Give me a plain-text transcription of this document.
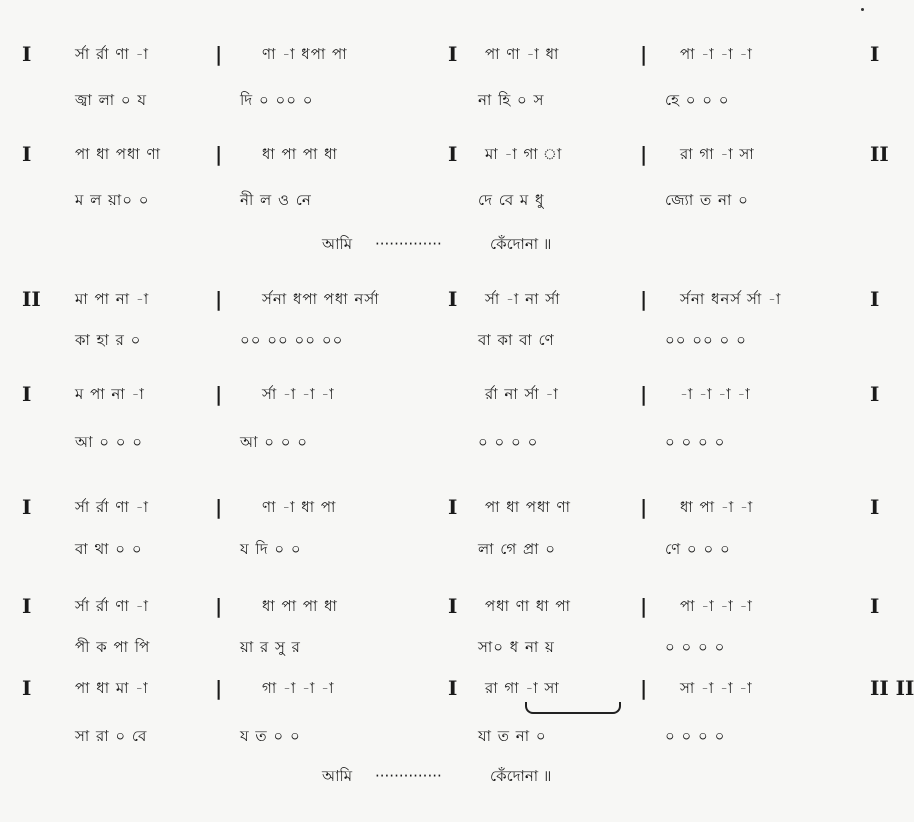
I	র্সা র্রা ণা -া	|	ণা -া ধপা পা	I পা ণা -া ধা	| পা -া -া -া	I
জ্বা লা ০ য	দি ০ ০০ ০	না হি ০ স	হে ০ ০ ০
I	পা ধা পধা ণা	|	ধা পা পা ধা	I মা -া গা া	| রা গা -া সা	II
ম ল য়া০ ০	নী ল ও নে	দে বে ম ধু	জ্যো ত না ০
আমি ··············	কেঁদোনা ॥
II মা পা না -া	|	র্সনা ধপা পধা নর্সা	I র্সা -া না র্সা	| র্সনা ধনর্স র্সা -া	I
কা হা র ০	০০ ০০ ০০ ০০	বা কা বা ণে	০০ ০০ ০ ০
I	ম পা না -া	|	র্সা -া -া -া	র্রা না র্সা -া	| -া -া -া -া	I
আ ০ ০ ০	আ ০ ০ ০	০ ০ ০ ০	০ ০ ০ ০
I	র্সা র্রা ণা -া	|	ণা -া ধা পা	I পা ধা পধা ণা	| ধা পা -া -া	I
বা থা ০ ০	য দি ০ ০	লা গে প্রা ০	ণে ০ ০ ০
I	র্সা র্রা ণা -া	|	ধা পা পা ধা	I পধা ণা ধা পা	| পা -া -া -া	I
পী ক পা পি	য়া র সু র	সা০ ধ না য়	০ ০ ০ ০
I	পা ধা মা -া	|	গা -া -া -া	I রা গা -া সা	| সা -া -া -া	II II
সা রা ০ বে	য ত ০ ০	যা ত না ০	০ ০ ০ ০
আমি ··············	কেঁদোনা ॥
